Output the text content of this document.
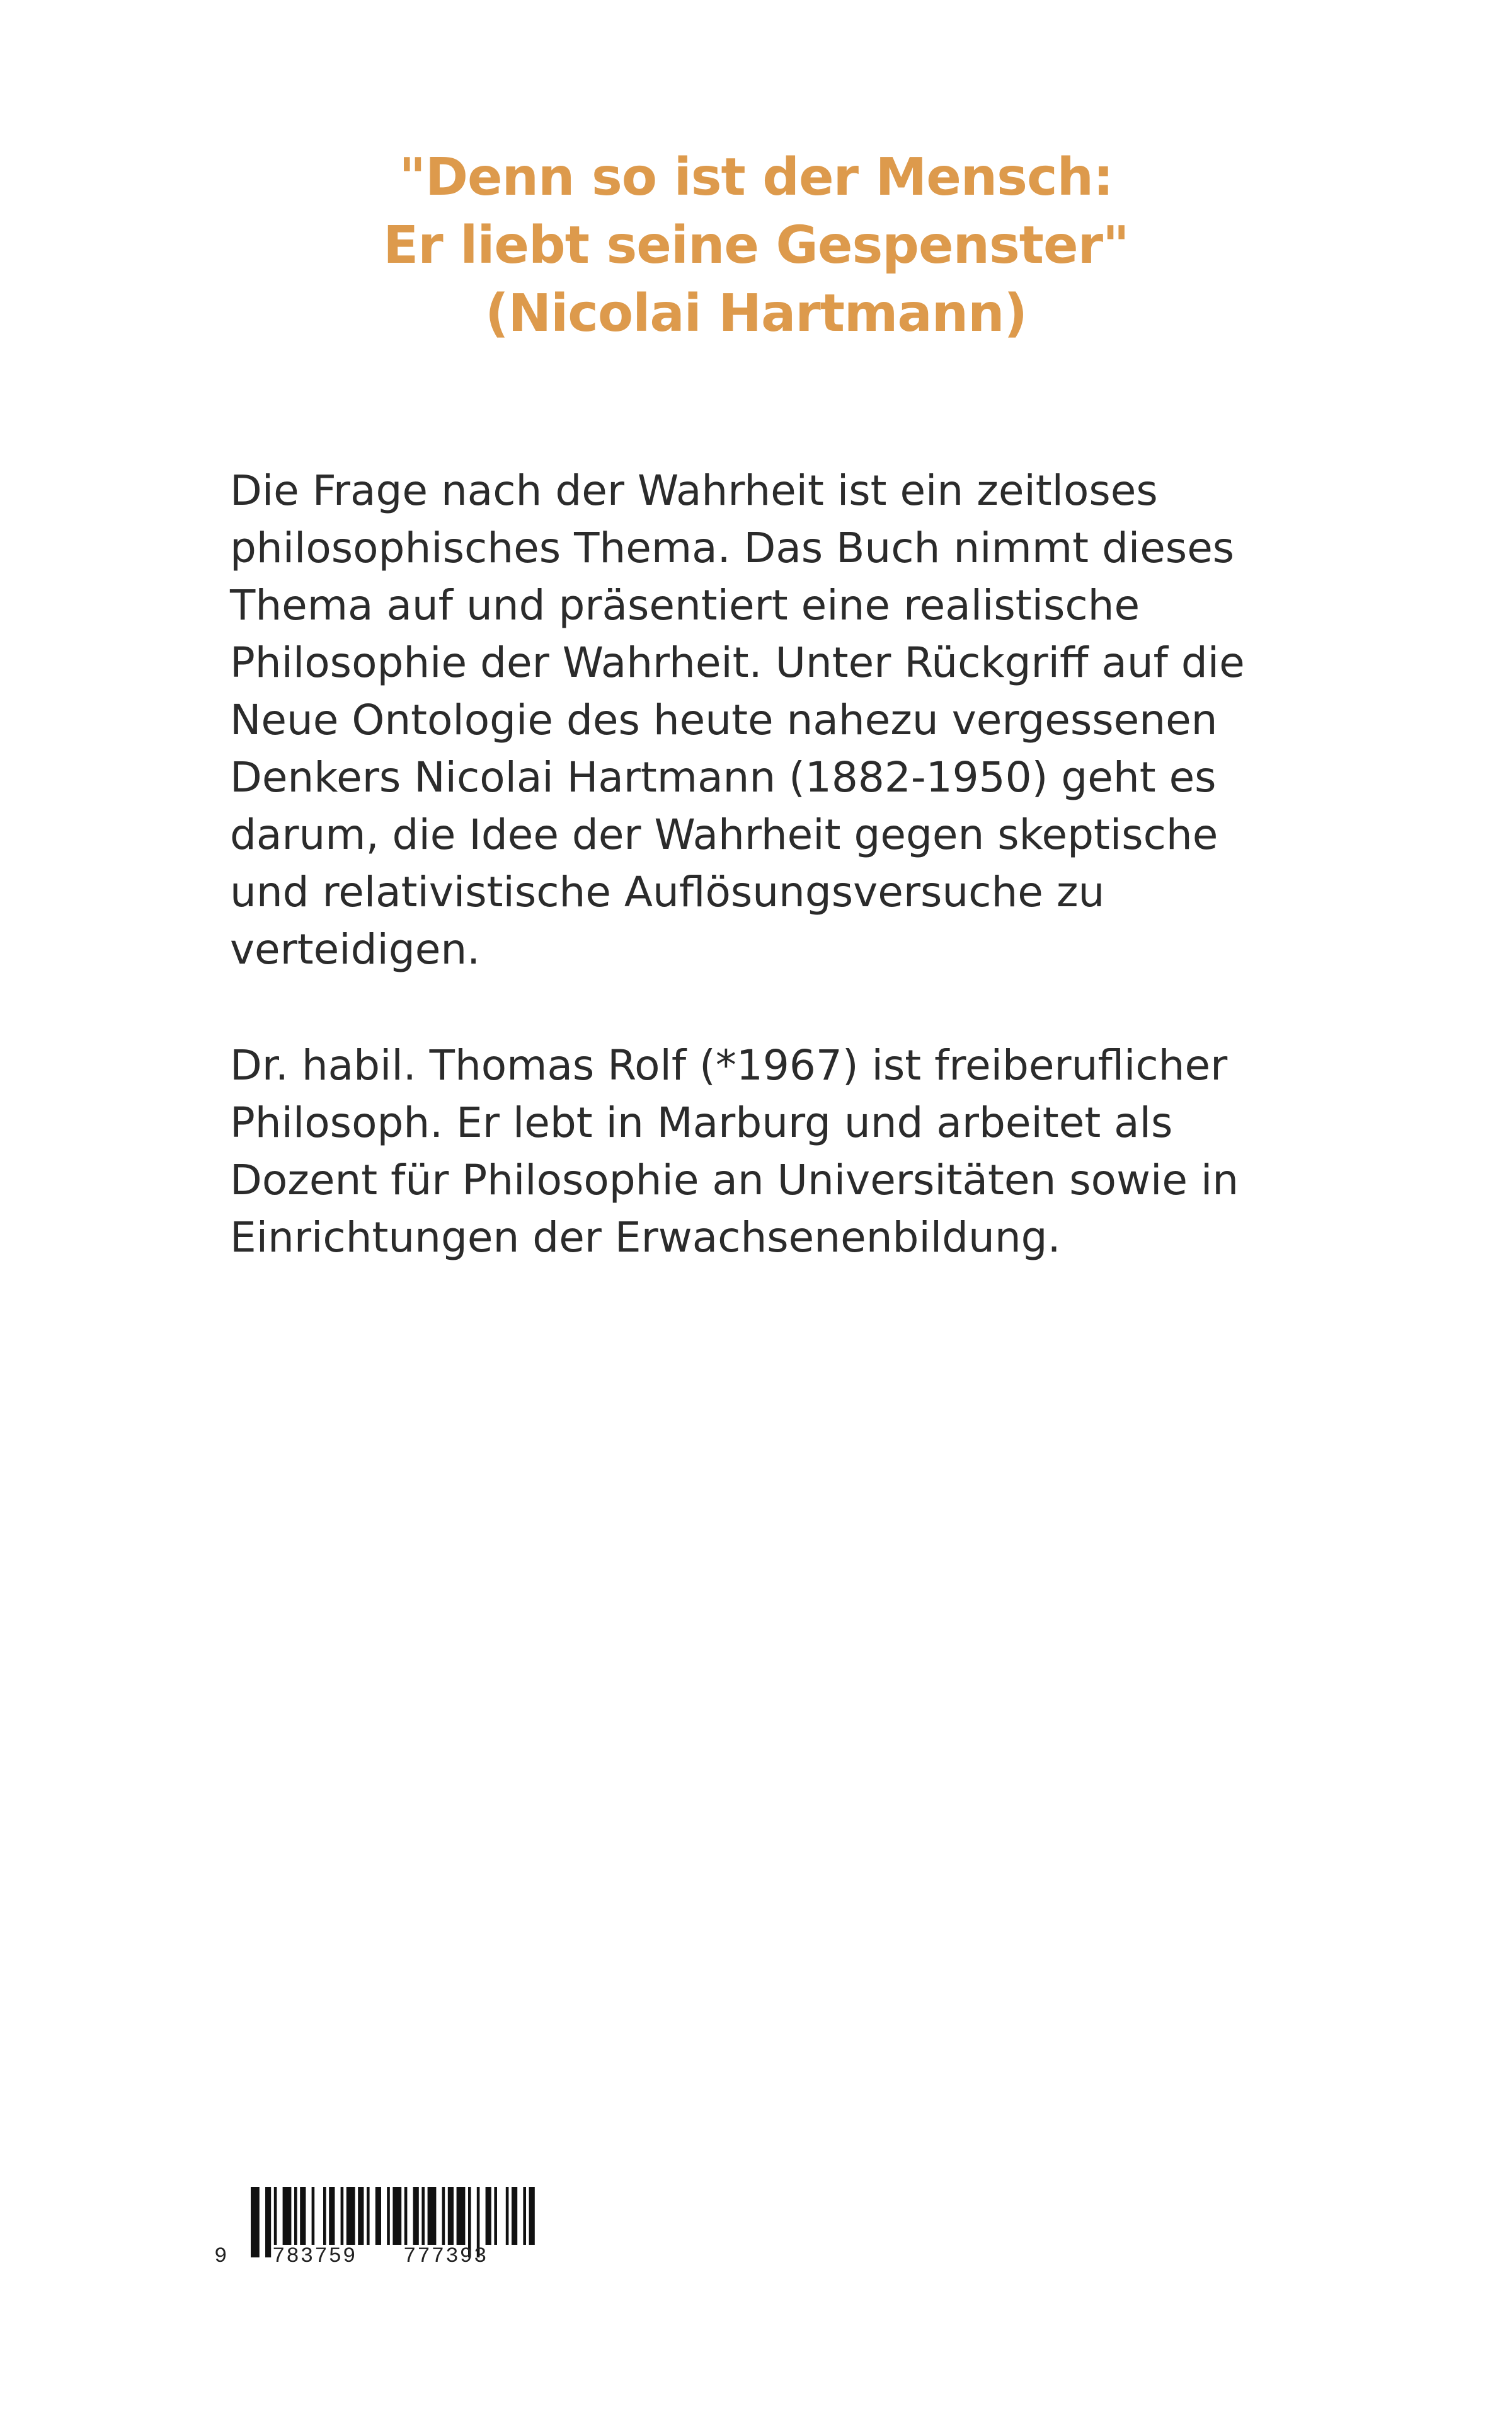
"Denn so ist der Mensch:
Er liebt seine Gespenster"
(Nicolai Hartmann)
Die Frage nach der Wahrheit ist ein zeitloses
philosophisches Thema. Das Buch nimmt dieses
Thema auf und präsentiert eine realistische
Philosophie der Wahrheit. Unter Rückgriff auf die
Neue Ontologie des heute nahezu vergessenen
Denkers Nicolai Hartmann (1882-1950) geht es
darum, die Idee der Wahrheit gegen skeptische
und relativistische Auflösungsversuche zu
verteidigen.
Dr. habil. Thomas Rolf (*1967) ist freiberuflicher
Philosoph. Er lebt in Marburg und arbeitet als
Dozent für Philosophie an Universitäten sowie in
Einrichtungen der Erwachsenenbildung.
9 783759 777393
